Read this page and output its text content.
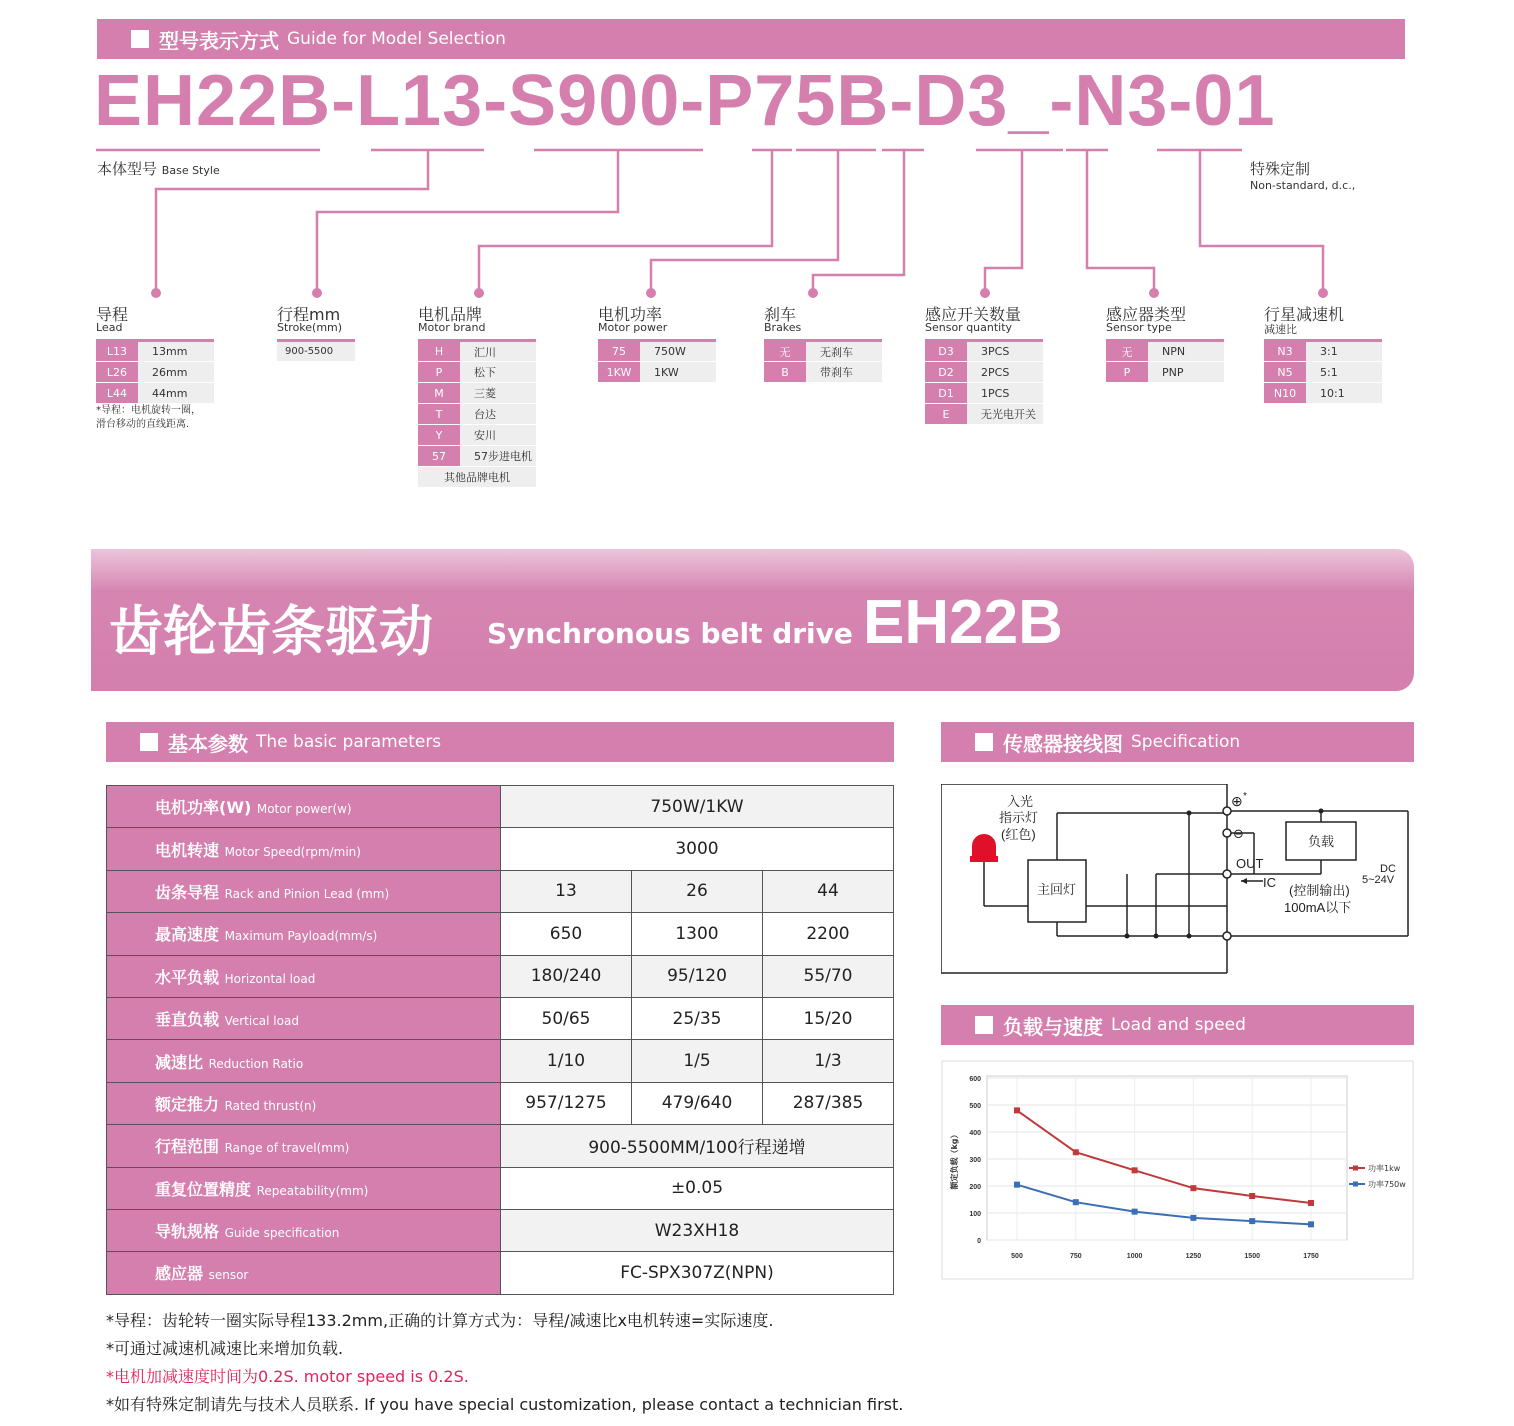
型号表示方式 Guide for Model Selection
EH22B-L13-S900-P75B-D3_-N3-01
本体型号 Base Style	特殊定制
Non-standard, d.c.,
导程
Lead
L13	13mm
L26	26mm
L44	44mm
*导程：电机旋转一圈，
滑台移动的直线距离.
行程mm
Stroke(mm)
900-5500
电机品牌
Motor brand
H	汇川
P	松下
M	三菱
T	台达
Y	安川
57	57步进电机
其他品牌电机	
电机功率
Motor power
75	750W
1KW	1KW
刹车
Brakes
无	无刹车
B	带刹车
感应开关数量
Sensor quantity
D3	3PCS
D2	2PCS
D1	1PCS
E	无光电开关
感应器类型
Sensor type
无	NPN
P	PNP
行星减速机
减速比
N3	3:1
N5	5:1
N10	10:1
齿轮齿条驱动 Synchronous belt drive EH22B
基本参数 The basic parameters
电机功率(W) Motor power(w)	750W/1KW		
电机转速 Motor Speed(rpm/min)	3000		
齿条导程 Rack and Pinion Lead (mm)	13	26	44
最高速度 Maximum Payload(mm/s)	650	1300	2200
水平负载 Horizontal load	180/240	95/120	55/70
垂直负载 Vertical load	50/65	25/35	15/20
减速比 Reduction Ratio	1/10	1/5	1/3
额定推力 Rated thrust(n)	957/1275	479/640	287/385
行程范围 Range of travel(mm)	900-5500MM/100行程递增		
重复位置精度 Repeatability(mm)	±0.05		
导轨规格 Guide specification	W23XH18		
感应器 sensor	FC-SPX307Z(NPN)		
*导程：齿轮转一圈实际导程133.2mm,正确的计算方式为：导程/减速比x电机转速=实际速度.
*可通过减速机减速比来增加负载.
*电机加减速度时间为0.2S. motor speed is 0.2S.
*如有特殊定制请先与技术人员联系. If you have special customization, please contact a technician first.
传感器接线图 Specification
入光
指示灯
(红色)
主回灯
负载
OUT
IC
(控制输出)
100mA以下
DC
5~24V
⊕ *
⊖
负载与速度 Load and speed
0
100
200
300
400
500
600
500	750	1000	1250	1500	1750
额定负载（kg）	功率1kw
功率750w
